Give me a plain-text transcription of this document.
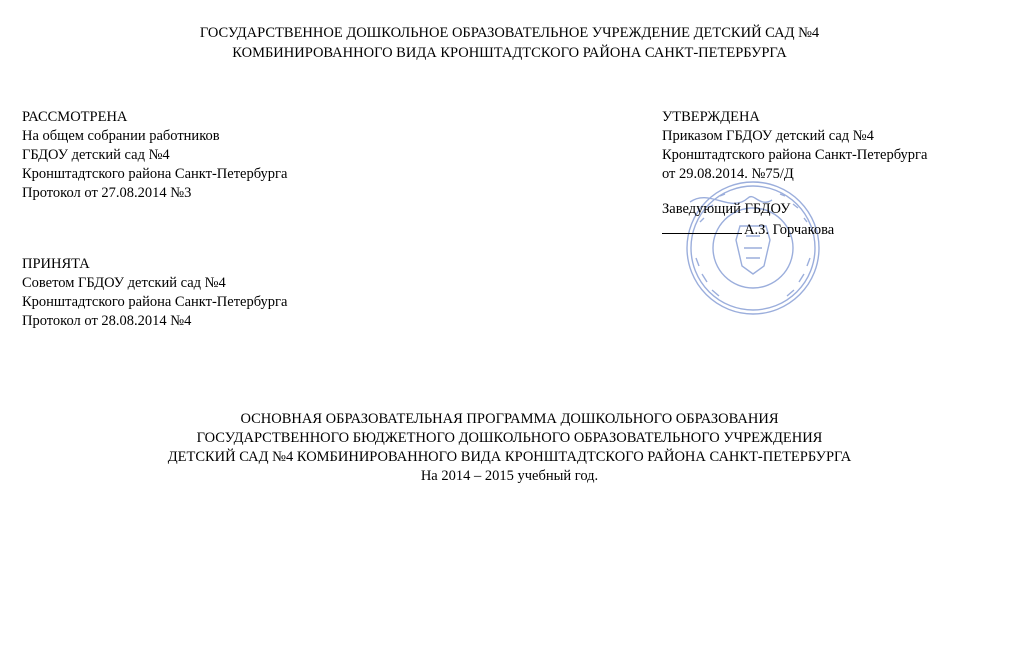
ГОСУДАРСТВЕННОЕ ДОШКОЛЬНОЕ ОБРАЗОВАТЕЛЬНОЕ УЧРЕЖДЕНИЕ ДЕТСКИЙ САД №4
КОМБИНИРОВАННОГО ВИДА КРОНШТАДТСКОГО РАЙОНА САНКТ-ПЕТЕРБУРГА
РАССМОТРЕНА
На общем собрании работников
ГБДОУ детский сад №4
Кронштадтского района Санкт-Петербурга
Протокол от 27.08.2014 №3
ПРИНЯТА
Советом ГБДОУ детский сад №4
Кронштадтского района Санкт-Петербурга
Протокол от 28.08.2014 №4
УТВЕРЖДЕНА
Приказом ГБДОУ детский сад №4
Кронштадтского района Санкт-Петербурга
от 29.08.2014. №75/Д
Заведующий ГБДОУ
А.З. Горчакова
ОСНОВНАЯ ОБРАЗОВАТЕЛЬНАЯ ПРОГРАММА ДОШКОЛЬНОГО ОБРАЗОВАНИЯ
ГОСУДАРСТВЕННОГО БЮДЖЕТНОГО ДОШКОЛЬНОГО ОБРАЗОВАТЕЛЬНОГО УЧРЕЖДЕНИЯ
ДЕТСКИЙ САД №4 КОМБИНИРОВАННОГО ВИДА КРОНШТАДТСКОГО РАЙОНА САНКТ-ПЕТЕРБУРГА
На 2014 – 2015 учебный год.
